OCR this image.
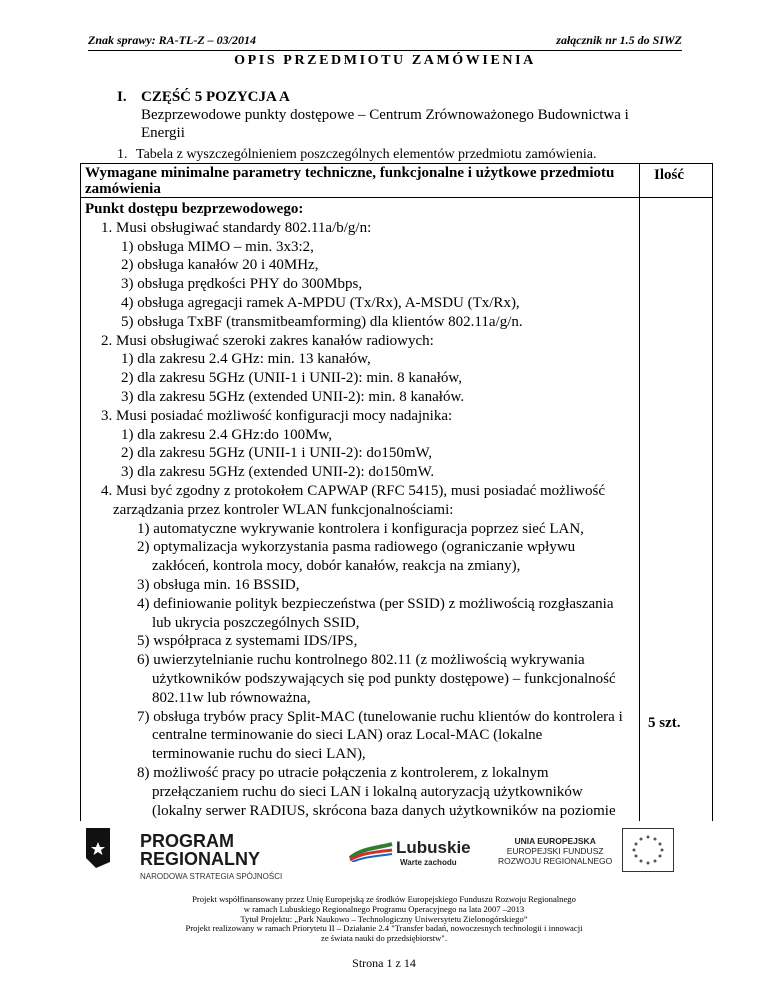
Znak sprawy: RA-TL-Z – 03/2014	załącznik nr 1.5 do SIWZ
OPIS PRZEDMIOTU ZAMÓWIENIA
I. CZĘŚĆ 5 POZYCJA A
Bezprzewodowe punkty dostępowe – Centrum Zrównoważonego Budownictwa i Energii
1. Tabela z wyszczególnieniem poszczególnych elementów przedmiotu zamówienia.
Wymagane minimalne parametry techniczne, funkcjonalne i użytkowe przedmiotu zamówienia
Ilość
Punkt dostępu bezprzewodowego:
1. Musi obsługiwać standardy 802.11a/b/g/n:
1) obsługa MIMO – min. 3x3:2,
2) obsługa kanałów 20 i 40MHz,
3) obsługa prędkości PHY do 300Mbps,
4) obsługa agregacji ramek A-MPDU (Tx/Rx), A-MSDU (Tx/Rx),
5) obsługa TxBF (transmitbeamforming) dla klientów 802.11a/g/n.
2. Musi obsługiwać szeroki zakres kanałów radiowych:
1) dla zakresu 2.4 GHz: min. 13 kanałów,
2) dla zakresu 5GHz (UNII-1 i UNII-2): min. 8 kanałów,
3) dla zakresu 5GHz (extended UNII-2): min. 8 kanałów.
3. Musi posiadać możliwość konfiguracji mocy nadajnika:
1) dla zakresu 2.4 GHz:do 100Mw,
2) dla zakresu 5GHz (UNII-1 i UNII-2): do150mW,
3) dla zakresu 5GHz (extended UNII-2): do150mW.
4. Musi być zgodny z protokołem CAPWAP (RFC 5415), musi posiadać możliwość
zarządzania przez kontroler WLAN funkcjonalnościami:
1) automatyczne wykrywanie kontrolera i konfiguracja poprzez sieć LAN,
2) optymalizacja wykorzystania pasma radiowego (ograniczanie wpływu
zakłóceń, kontrola mocy, dobór kanałów, reakcja na zmiany),
3) obsługa min. 16 BSSID,
4) definiowanie polityk bezpieczeństwa (per SSID) z możliwością rozgłaszania
lub ukrycia poszczególnych SSID,
5) współpraca z systemami IDS/IPS,
6) uwierzytelnianie ruchu kontrolnego 802.11 (z możliwością wykrywania
użytkowników podszywających się pod punkty dostępowe) – funkcjonalność
802.11w lub równoważna,
7) obsługa trybów pracy Split-MAC (tunelowanie ruchu klientów do kontrolera i
centralne terminowanie do sieci LAN) oraz Local-MAC (lokalne
terminowanie ruchu do sieci LAN),
8) możliwość pracy po utracie połączenia z kontrolerem, z lokalnym
przełączaniem ruchu do sieci LAN i lokalną autoryzacją użytkowników
(lokalny serwer RADIUS, skrócona baza danych użytkowników na poziomie
5 szt.
PROGRAM
REGIONALNY
NARODOWA STRATEGIA SPÓJNOŚCI
Lubuskie
Warte zachodu
UNIA EUROPEJSKA
EUROPEJSKI FUNDUSZ
ROZWOJU REGIONALNEGO
Projekt współfinansowany przez Unię Europejską ze środków Europejskiego Funduszu Rozwoju Regionalnego
w ramach Lubuskiego Regionalnego Programu Operacyjnego na lata 2007 –2013
Tytuł Projektu: „Park Naukowo – Technologiczny Uniwersytetu Zielonogórskiego”
Projekt realizowany w ramach Priorytetu II – Działanie 2.4 "Transfer badań, nowoczesnych technologii i innowacji
ze świata nauki do przedsiębiorstw".
Strona 1 z 14
